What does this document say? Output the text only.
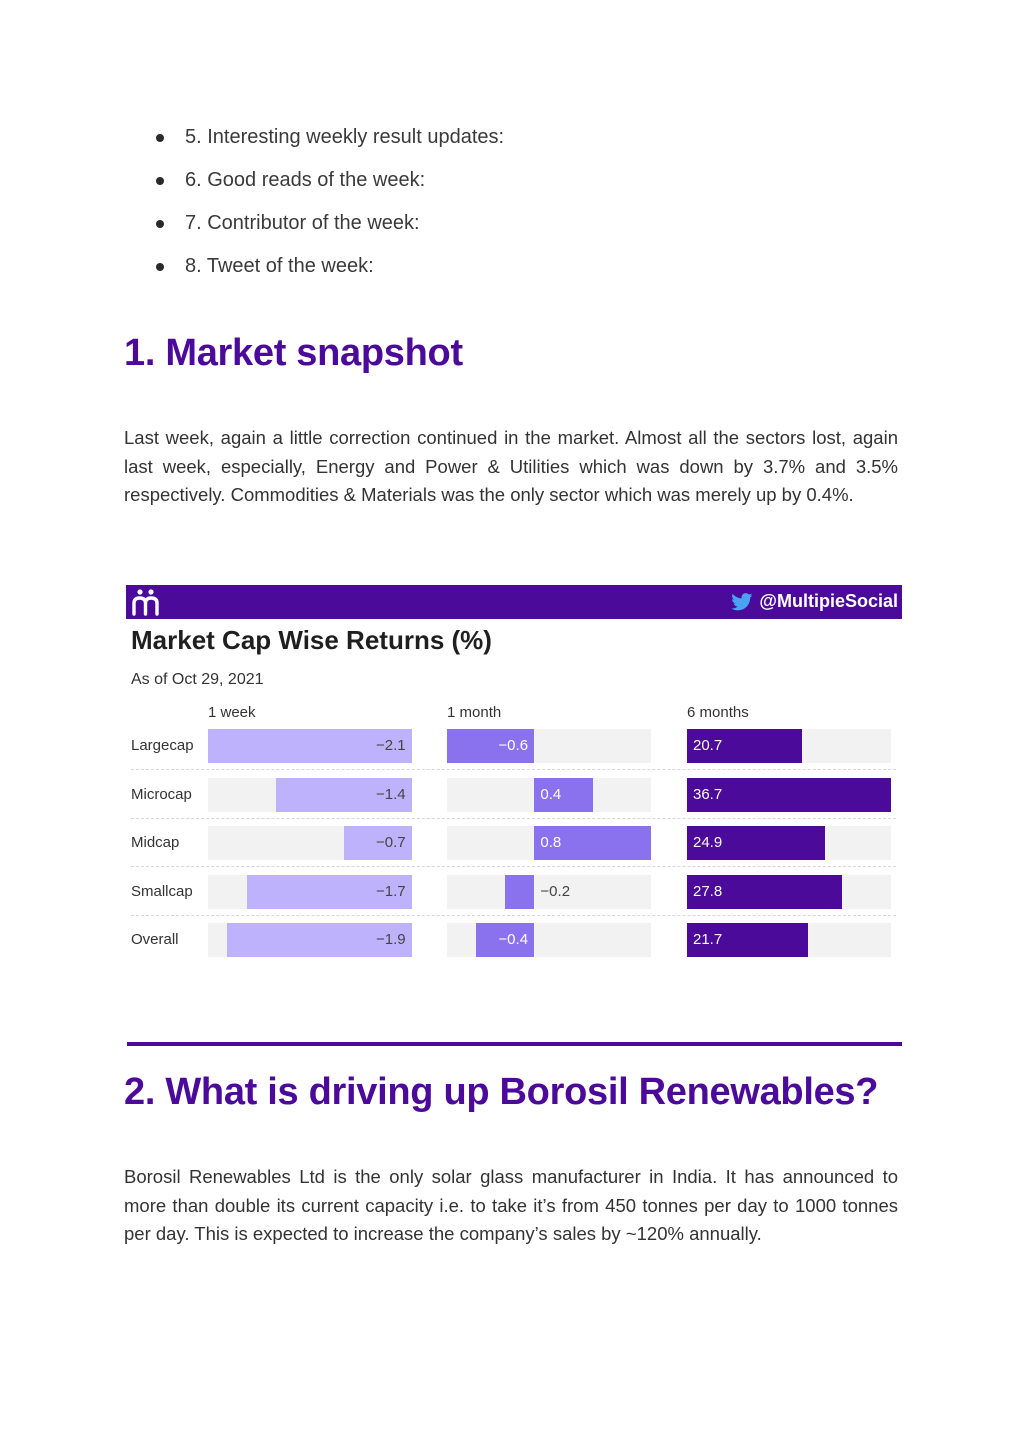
5. Interesting weekly result updates:
6. Good reads of the week:
7. Contributor of the week:
8. Tweet of the week:
1. Market snapshot

Last week, again a little correction continued in the market. Almost all the sectors lost, again last week, especially, Energy and Power & Utilities which was down by 3.7% and 3.5% respectively. Commodities & Materials was the only sector which was merely up by 0.4%.

@MultipieSocial
Market Cap Wise Returns (%)
As of Oct 29, 2021
1 week	1 month	6 months
Largecap	−2.1	−0.6	20.7
Microcap	−1.4	0.4	36.7
Midcap	−0.7	0.8	24.9
Smallcap	−1.7	−0.2	27.8
Overall	−1.9	−0.4	21.7
2. What is driving up Borosil Renewables?

Borosil Renewables Ltd is the only solar glass manufacturer in India. It has announced to more than double its current capacity i.e. to take it’s from 450 tonnes per day to 1000 tonnes per day. This is expected to increase the company’s sales by ~120% annually.
